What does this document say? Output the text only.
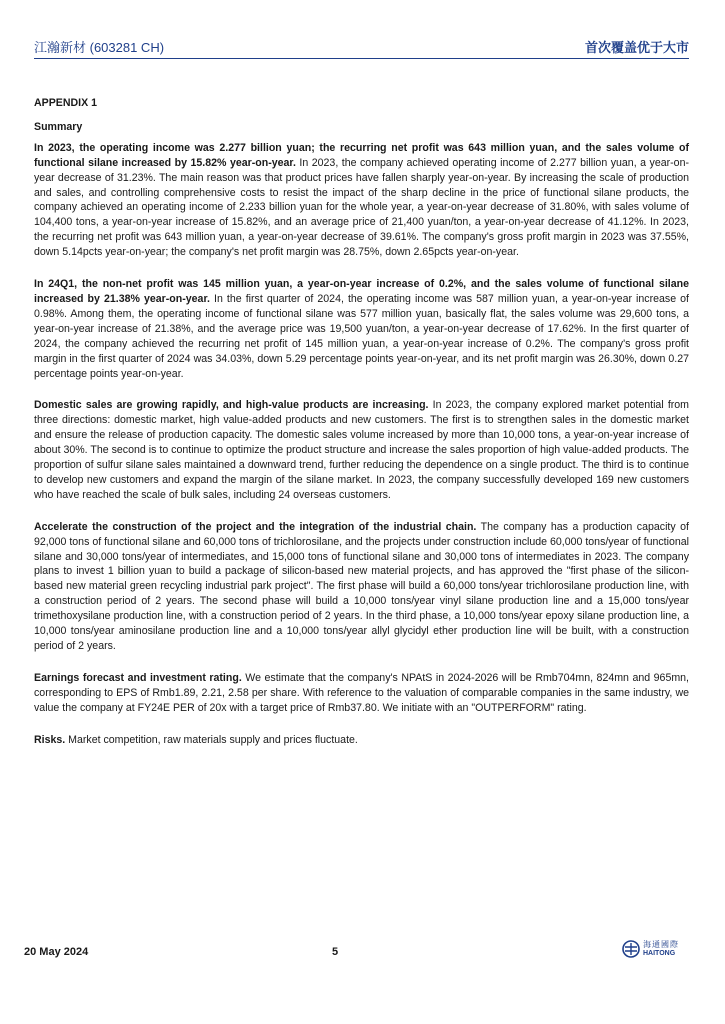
江瀚新材 (603281 CH)	首次覆盖优于大市
APPENDIX 1
Summary

In 2023, the operating income was 2.277 billion yuan; the recurring net profit was 643 million yuan, and the sales volume of functional silane increased by 15.82% year-on-year. In 2023, the company achieved operating income of 2.277 billion yuan, a year-on-year decrease of 31.23%. The main reason was that product prices have fallen sharply year-on-year. By increasing the scale of production and sales, and controlling comprehensive costs to resist the impact of the sharp decline in the price of functional silane products, the company achieved an operating income of 2.233 billion yuan for the whole year, a year-on-year decrease of 31.80%, with sales volume of 104,400 tons, a year-on-year increase of 15.82%, and an average price of 21,400 yuan/ton, a year-on-year decrease of 41.12%. In 2023, the recurring net profit was 643 million yuan, a year-on-year decrease of 39.61%. The company's gross profit margin in 2023 was 37.55%, down 5.14pcts year-on-year; the company's net profit margin was 28.75%, down 2.65pcts year-on-year.

In 24Q1, the non-net profit was 145 million yuan, a year-on-year increase of 0.2%, and the sales volume of functional silane increased by 21.38% year-on-year. In the first quarter of 2024, the operating income was 587 million yuan, a year-on-year increase of 0.98%. Among them, the operating income of functional silane was 577 million yuan, basically flat, the sales volume was 29,600 tons, a year-on-year increase of 21.38%, and the average price was 19,500 yuan/ton, a year-on-year decrease of 17.62%. In the first quarter of 2024, the company achieved the recurring net profit of 145 million yuan, a year-on-year increase of 0.2%. The company's gross profit margin in the first quarter of 2024 was 34.03%, down 5.29 percentage points year-on-year, and its net profit margin was 26.30%, down 0.27 percentage points year-on-year.

Domestic sales are growing rapidly, and high-value products are increasing. In 2023, the company explored market potential from three directions: domestic market, high value-added products and new customers. The first is to strengthen sales in the domestic market and ensure the release of production capacity. The domestic sales volume increased by more than 10,000 tons, a year-on-year increase of about 30%. The second is to continue to optimize the product structure and increase the sales proportion of high value-added products. The proportion of sulfur silane sales maintained a downward trend, further reducing the dependence on a single product. The third is to continue to develop new customers and expand the margin of the silane market. In 2023, the company successfully developed 169 new customers who have reached the scale of bulk sales, including 24 overseas customers.

Accelerate the construction of the project and the integration of the industrial chain. The company has a production capacity of 92,000 tons of functional silane and 60,000 tons of trichlorosilane, and the projects under construction include 60,000 tons/year of functional silane and 30,000 tons/year of intermediates, and 15,000 tons of functional silane and 30,000 tons of intermediates in 2023. The company plans to invest 1 billion yuan to build a package of silicon-based new material projects, and has approved the "first phase of the silicon-based new material green recycling industrial park project". The first phase will build a 60,000 tons/year trichlorosilane production line, with a construction period of 2 years. The second phase will build a 10,000 tons/year vinyl silane production line and a 15,000 tons/year trimethoxysilane production line, with a construction period of 2 years. In the third phase, a 10,000 tons/year epoxy silane production line, a 10,000 tons/year aminosilane production line and a 10,000 tons/year allyl glycidyl ether production line will be built, with a construction period of 2 years.

Earnings forecast and investment rating. We estimate that the company's NPAtS in 2024-2026 will be Rmb704mn, 824mn and 965mn, corresponding to EPS of Rmb1.89, 2.21, 2.58 per share. With reference to the valuation of comparable companies in the same industry, we value the company at FY24E PER of 20x with a target price of Rmb37.80. We initiate with an "OUTPERFORM" rating.

Risks. Market competition, raw materials supply and prices fluctuate.

20 May 2024	5
海通國際
HAITONG
